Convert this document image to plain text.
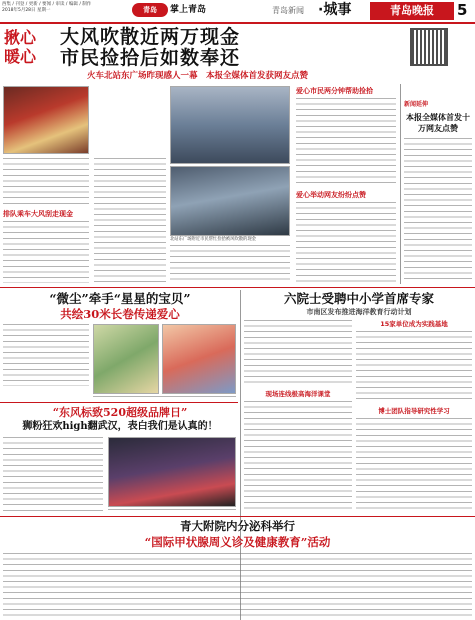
西集 / 刊登 / 更新 / 要闻 / 审读 / 编辑 / 制作
2018年5月28日 星期一	青岛	掌上青岛	青岛新闻 ·城事	青岛晚报	5
揪心
暖心
大风吹散近两万现金
市民捡拾后如数奉还
火车北站东广场昨现感人一幕　本报全媒体首发获网友点赞
排队乘车大风刮走现金
北站东广场附近市民帮忙捡拾被风吹散的现金
爱心市民两分钟帮助捡拾
爱心举动网友纷纷点赞
新闻延伸
本报全媒体首发十万网友点赞
“微尘”牵手“星星的宝贝”
共绘30米长卷传递爱心
六院士受聘中小学首席专家
市南区发布推进海洋教育行动计划
15家单位成为实践基地
现场连线极高海洋课堂
博士团队指导研究性学习
“东风标致520超级品牌日”
狮粉狂欢high翻武汉，表白我们是认真的！
青大附院内分泌科举行
“国际甲状腺周义诊及健康教育”活动
